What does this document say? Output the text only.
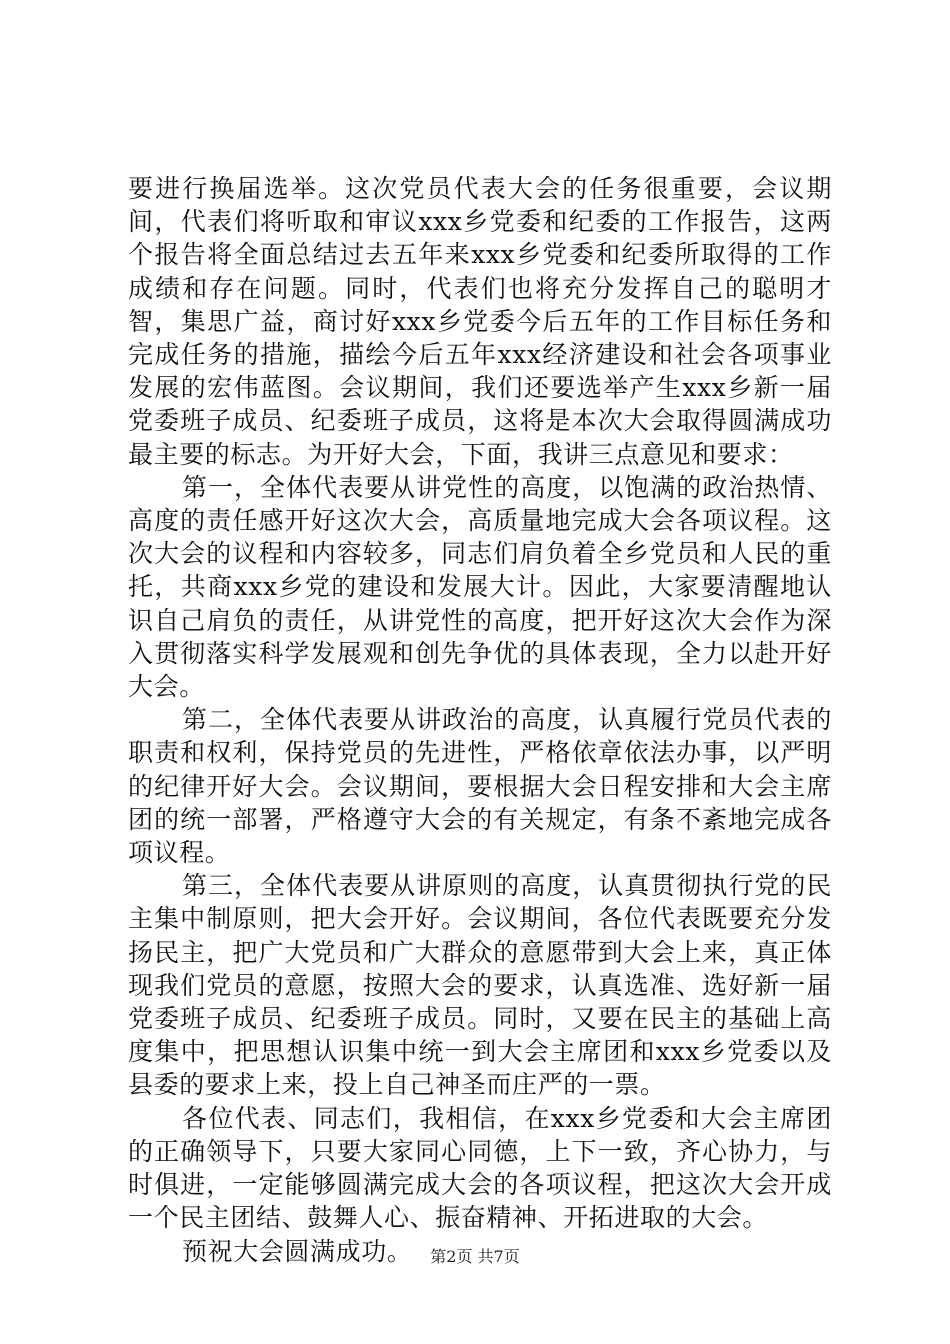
要进行换届选举。这次党员代表大会的任务很重要，会议期间，代表们将听取和审议xxx乡党委和纪委的工作报告，这两个报告将全面总结过去五年来xxx乡党委和纪委所取得的工作成绩和存在问题。同时，代表们也将充分发挥自己的聪明才智，集思广益，商讨好xxx乡党委今后五年的工作目标任务和完成任务的措施，描绘今后五年xxx经济建设和社会各项事业发展的宏伟蓝图。会议期间，我们还要选举产生xxx乡新一届党委班子成员、纪委班子成员，这将是本次大会取得圆满成功最主要的标志。为开好大会，下面，我讲三点意见和要求：

第一，全体代表要从讲党性的高度，以饱满的政治热情、高度的责任感开好这次大会，高质量地完成大会各项议程。这次大会的议程和内容较多，同志们肩负着全乡党员和人民的重托，共商xxx乡党的建设和发展大计。因此，大家要清醒地认识自己肩负的责任，从讲党性的高度，把开好这次大会作为深入贯彻落实科学发展观和创先争优的具体表现，全力以赴开好大会。

第二，全体代表要从讲政治的高度，认真履行党员代表的职责和权利，保持党员的先进性，严格依章依法办事，以严明的纪律开好大会。会议期间，要根据大会日程安排和大会主席团的统一部署，严格遵守大会的有关规定，有条不紊地完成各项议程。

第三，全体代表要从讲原则的高度，认真贯彻执行党的民主集中制原则，把大会开好。会议期间，各位代表既要充分发扬民主，把广大党员和广大群众的意愿带到大会上来，真正体现我们党员的意愿，按照大会的要求，认真选准、选好新一届党委班子成员、纪委班子成员。同时，又要在民主的基础上高度集中，把思想认识集中统一到大会主席团和xxx乡党委以及县委的要求上来，投上自己神圣而庄严的一票。

各位代表、同志们，我相信，在xxx乡党委和大会主席团的正确领导下，只要大家同心同德，上下一致，齐心协力，与时俱进，一定能够圆满完成大会的各项议程，把这次大会开成一个民主团结、鼓舞人心、振奋精神、开拓进取的大会。

预祝大会圆满成功。	第2页 共7页
